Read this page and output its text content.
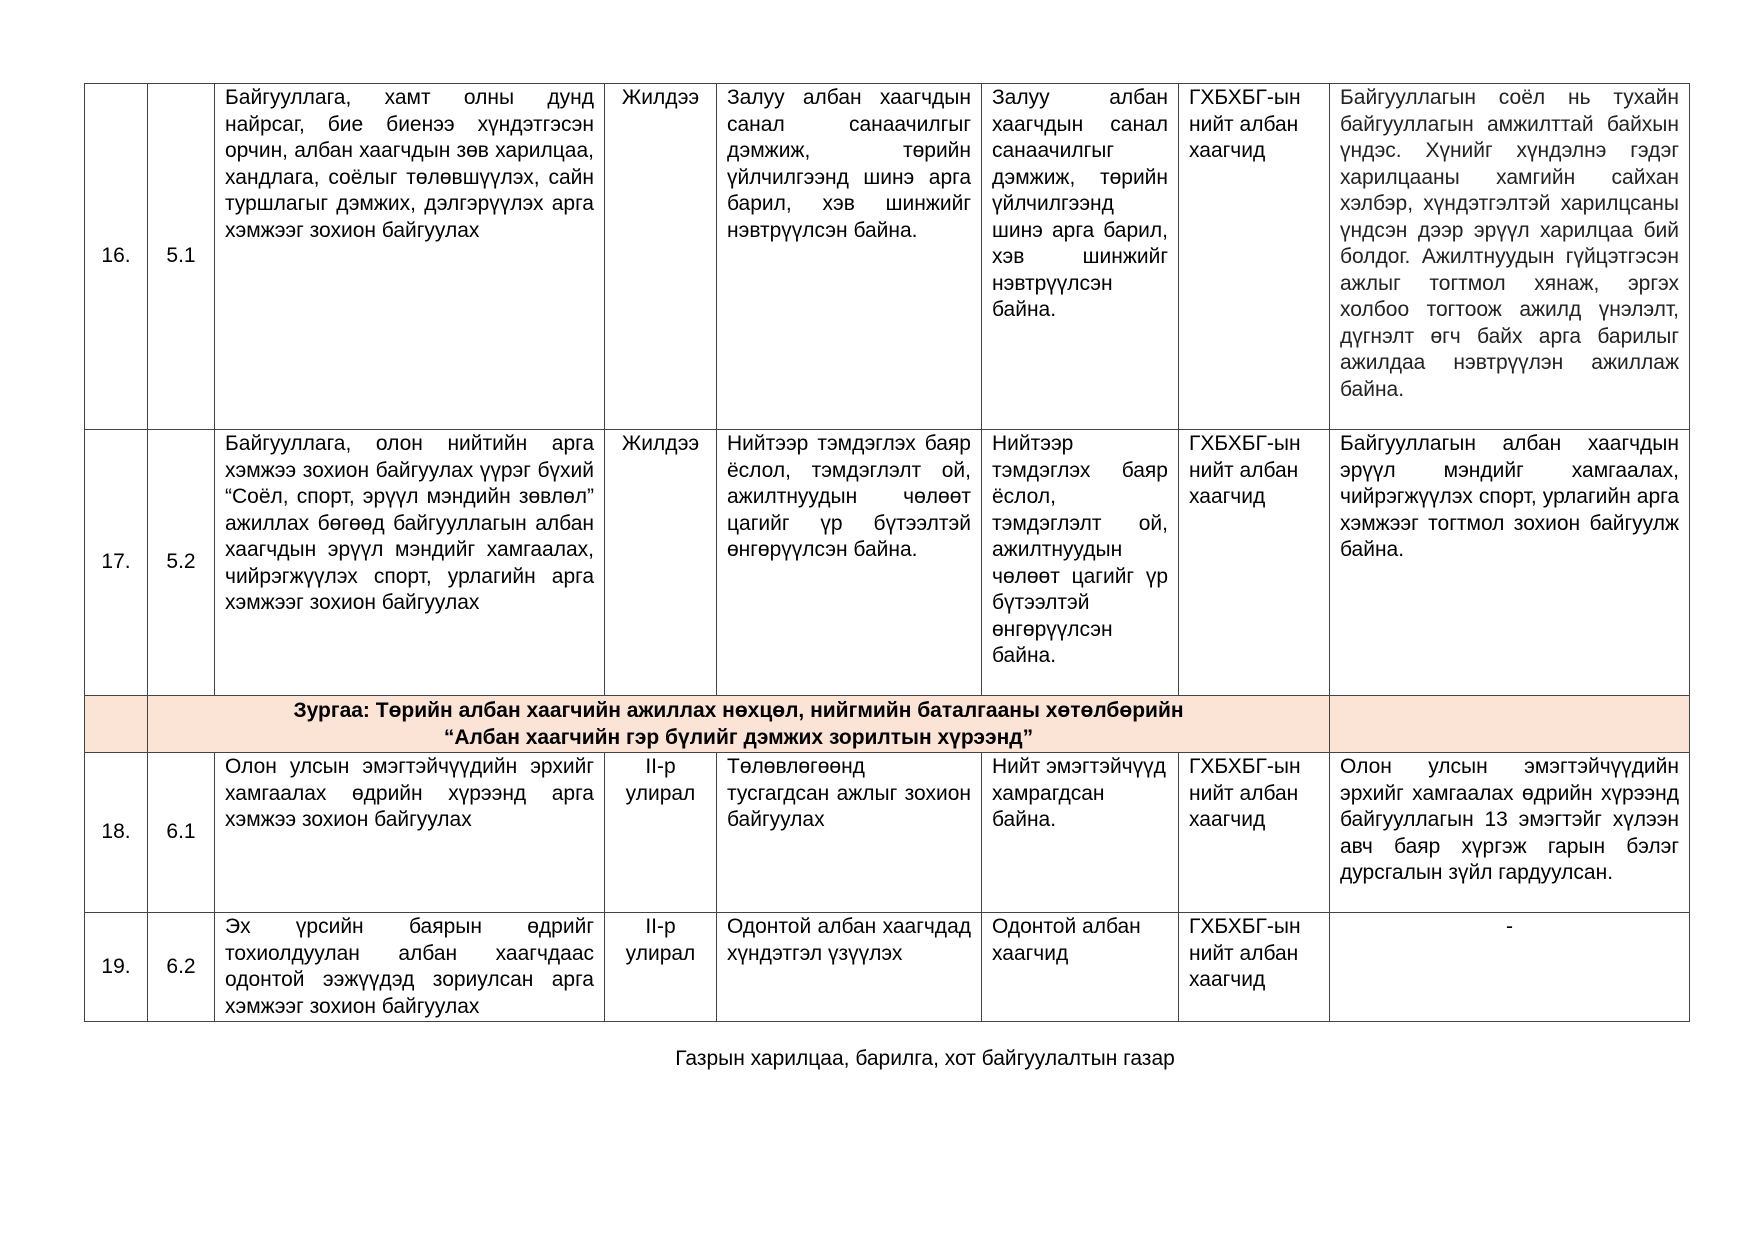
16.	5.1	Байгууллага, хамт олны дунд найрсаг, бие биенээ хүндэтгэсэн орчин, албан хаагчдын зөв харилцаа, хандлага, соёлыг төлөвшүүлэх, сайн туршлагыг дэмжих, дэлгэрүүлэх арга хэмжээг зохион байгуулах	Жилдээ	Залуу албан хаагчдын санал санаачилгыг дэмжиж, төрийн үйлчилгээнд шинэ арга барил, хэв шинжийг нэвтрүүлсэн байна.	Залуу албан хаагчдын санал санаачилгыг дэмжиж, төрийн үйлчилгээнд шинэ арга барил, хэв шинжийг нэвтрүүлсэн байна.	ГХБХБГ-ын нийт албан хаагчид	Байгууллагын соёл нь тухайн байгууллагын амжилттай байхын үндэс. Хүнийг хүндэлнэ гэдэг харилцааны хамгийн сайхан хэлбэр, хүндэтгэлтэй харилцсаны үндсэн дээр эрүүл харилцаа бий болдог. Ажилтнуудын гүйцэтгэсэн ажлыг тогтмол хянаж, эргэх холбоо тогтоож ажилд үнэлэлт, дүгнэлт өгч байх арга барилыг ажилдаа нэвтрүүлэн ажиллаж байна.
17.	5.2	Байгууллага, олон нийтийн арга хэмжээ зохион байгуулах үүрэг бүхий “Соёл, спорт, эрүүл мэндийн зөвлөл” ажиллах бөгөөд байгууллагын албан хаагчдын эрүүл мэндийг хамгаалах, чийрэгжүүлэх спорт, урлагийн арга хэмжээг зохион байгуулах	Жилдээ	Нийтээр тэмдэглэх баяр ёслол, тэмдэглэлт ой, ажилтнуудын чөлөөт цагийг үр бүтээлтэй өнгөрүүлсэн байна.	Нийтээр тэмдэглэх баяр ёслол, тэмдэглэлт ой, ажилтнуудын чөлөөт цагийг үр бүтээлтэй өнгөрүүлсэн байна.	ГХБХБГ-ын нийт албан хаагчид	Байгууллагын албан хаагчдын эрүүл мэндийг хамгаалах, чийрэгжүүлэх спорт, урлагийн арга хэмжээг тогтмол зохион байгуулж байна.

	Зургаа: Төрийн албан хаагчийн ажиллах нөхцөл, нийгмийн баталгааны хөтөлбөрийн
“Албан хаагчийн гэр бүлийг дэмжих зорилтын хүрээнд”						

18.	6.1	Олон улсын эмэгтэйчүүдийн эрхийг хамгаалах өдрийн хүрээнд арга хэмжээ зохион байгуулах	II-р улирал	Төлөвлөгөөнд тусгагдсан ажлыг зохион байгуулах	Нийт эмэгтэйчүүд хамрагдсан байна.	ГХБХБГ-ын нийт албан хаагчид	Олон улсын эмэгтэйчүүдийн эрхийг хамгаалах өдрийн хүрээнд байгууллагын 13 эмэгтэйг хүлээн авч баяр хүргэж гарын бэлэг дурсгалын зүйл гардуулсан.
19.	6.2	Эх үрсийн баярын өдрийг тохиолдуулан албан хаагчдаас одонтой ээжүүдэд зориулсан арга хэмжээг зохион байгуулах	II-р улирал	Одонтой албан хаагчдад хүндэтгэл үзүүлэх	Одонтой албан хаагчид	ГХБХБГ-ын нийт албан хаагчид	-
Газрын харилцаа, барилга, хот байгуулалтын газар
